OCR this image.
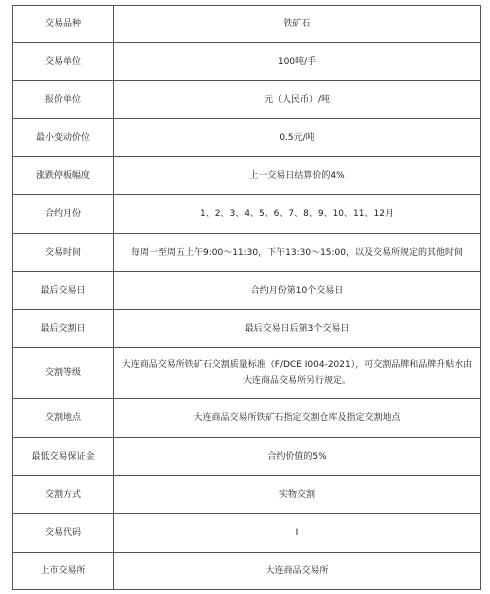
交易品种	铁矿石
交易单位	100吨/手
报价单位	元（人民币）/吨
最小变动价位	0.5元/吨
涨跌停板幅度	上一交易日结算价的4%
合约月份	1、2、3、4、5、6、7、8、9、10、11、12月
交易时间	每周一至周五上午9:00～11:30，下午13:30～15:00，以及交易所规定的其他时间
最后交易日	合约月份第10个交易日
最后交割日	最后交易日后第3个交易日
交割等级	大连商品交易所铁矿石交割质量标准（F/DCE I004-2021），可交割品牌和品牌升贴水由大连商品交易所另行规定。
交割地点	大连商品交易所铁矿石指定交割仓库及指定交割地点
最低交易保证金	合约价值的5%
交割方式	实物交割
交易代码	I
上市交易所	大连商品交易所
